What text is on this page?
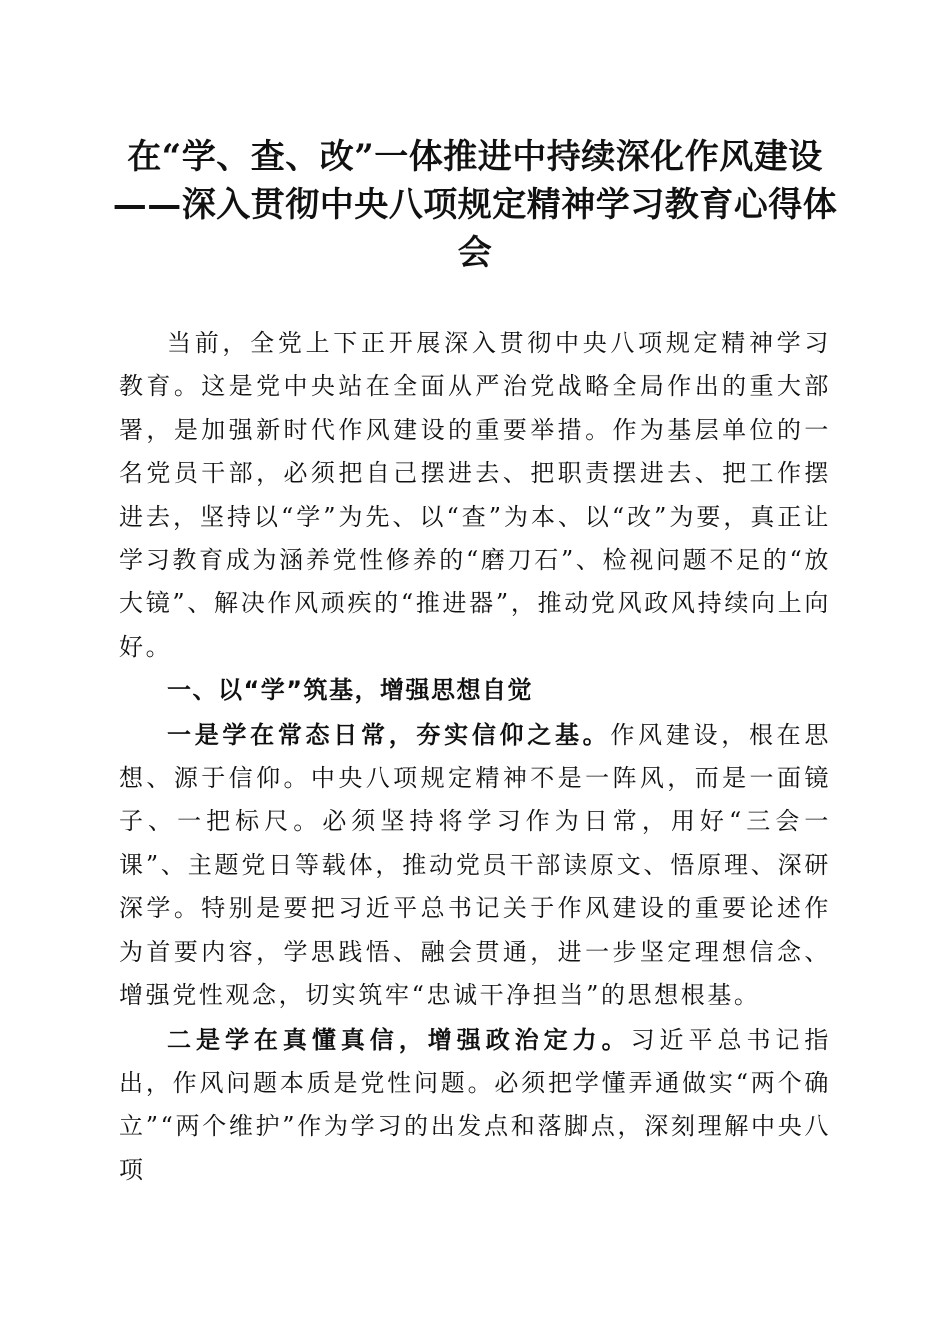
在“学、查、改”一体推进中持续深化作风建设——深入贯彻中央八项规定精神学习教育心得体会

当前，全党上下正开展深入贯彻中央八项规定精神学习教育。这是党中央站在全面从严治党战略全局作出的重大部署，是加强新时代作风建设的重要举措。作为基层单位的一名党员干部，必须把自己摆进去、把职责摆进去、把工作摆进去，坚持以“学”为先、以“查”为本、以“改”为要，真正让学习教育成为涵养党性修养的“磨刀石”、检视问题不足的“放大镜”、解决作风顽疾的“推进器”，推动党风政风持续向上向好。

一、以“学”筑基，增强思想自觉

一是学在常态日常，夯实信仰之基。作风建设，根在思想、源于信仰。中央八项规定精神不是一阵风，而是一面镜子、一把标尺。必须坚持将学习作为日常，用好“三会一课”、主题党日等载体，推动党员干部读原文、悟原理、深研深学。特别是要把习近平总书记关于作风建设的重要论述作为首要内容，学思践悟、融会贯通，进一步坚定理想信念、增强党性观念，切实筑牢“忠诚干净担当”的思想根基。

二是学在真懂真信，增强政治定力。习近平总书记指出，作风问题本质是党性问题。必须把学懂弄通做实“两个确立”“两个维护”作为学习的出发点和落脚点，深刻理解中央八项
